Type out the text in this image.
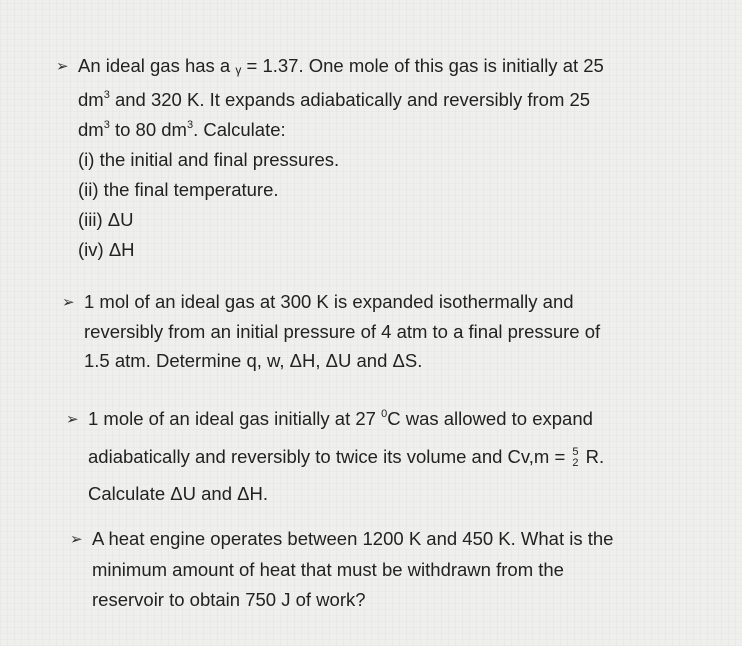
➢ An ideal gas has a γ = 1.37. One mole of this gas is initially at 25
$dm^3$ and 320 K. It expands adiabatically and reversibly from 25
$dm^3$ to 80 $dm^3$. Calculate:
(i) the initial and final pressures.
(ii) the final temperature.
(iii) ΔU
(iv) ΔH
➢ 1 mol of an ideal gas at 300 K is expanded isothermally and
reversibly from an initial pressure of 4 atm to a final pressure of
1.5 atm. Determine q, w, ΔH, ΔU and ΔS.
➢ 1 mole of an ideal gas initially at 27 $^0$C was allowed to expand
adiabatically and reversibly to twice its volume and Cv,m = 5
2 R.
Calculate ΔU and ΔH.
➢ A heat engine operates between 1200 K and 450 K. What is the
minimum amount of heat that must be withdrawn from the
reservoir to obtain 750 J of work?
